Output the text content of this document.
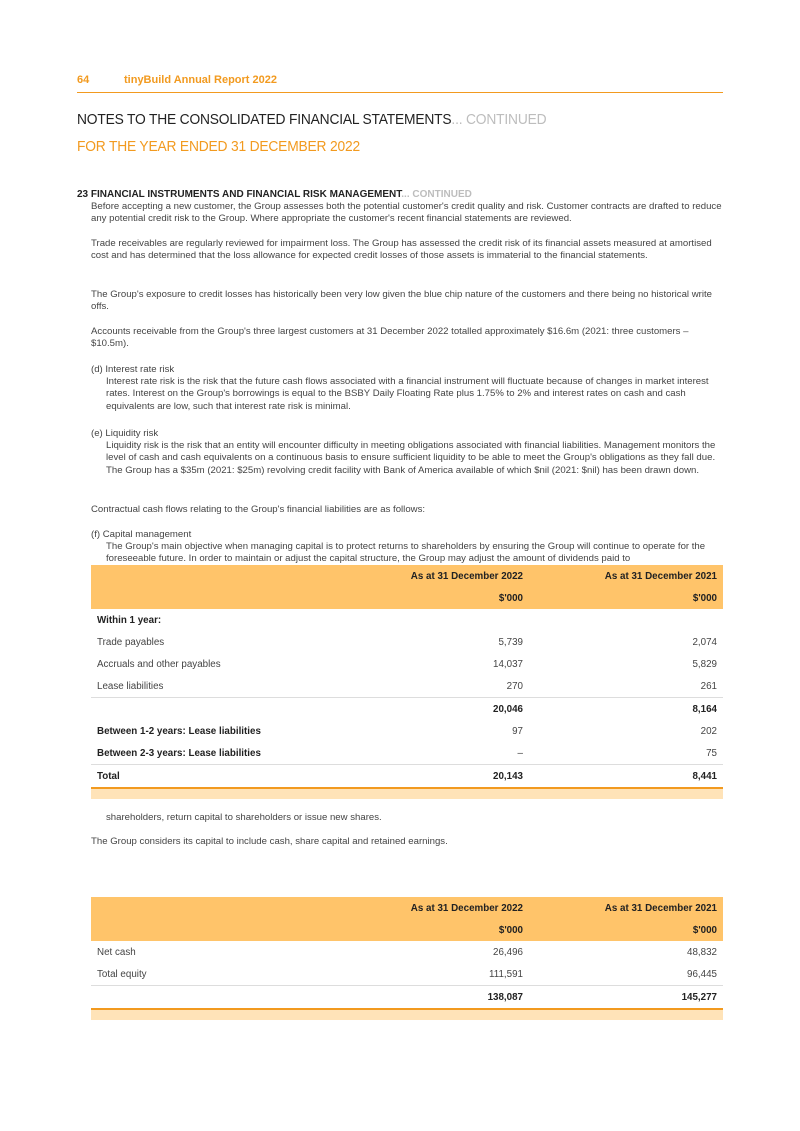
64	tinyBuild Annual Report 2022
NOTES TO THE CONSOLIDATED FINANCIAL STATEMENTS... CONTINUED
FOR THE YEAR ENDED 31 DECEMBER 2022
23 FINANCIAL INSTRUMENTS AND FINANCIAL RISK MANAGEMENT... CONTINUED
Before accepting a new customer, the Group assesses both the potential customer's credit quality and risk. Customer contracts are drafted to reduce any potential credit risk to the Group. Where appropriate the customer's recent financial statements are reviewed.
Trade receivables are regularly reviewed for impairment loss. The Group has assessed the credit risk of its financial assets measured at amortised cost and has determined that the loss allowance for expected credit losses of those assets is immaterial to the financial statements.
The Group's exposure to credit losses has historically been very low given the blue chip nature of the customers and there being no historical write offs.
Accounts receivable from the Group's three largest customers at 31 December 2022 totalled approximately $16.6m (2021: three customers – $10.5m).
(d) Interest rate risk
Interest rate risk is the risk that the future cash flows associated with a financial instrument will fluctuate because of changes in market interest rates. Interest on the Group's borrowings is equal to the BSBY Daily Floating Rate plus 1.75% to 2% and interest rates on cash and cash equivalents are low, such that interest rate risk is minimal.
(e) Liquidity risk
Liquidity risk is the risk that an entity will encounter difficulty in meeting obligations associated with financial liabilities. Management monitors the level of cash and cash equivalents on a continuous basis to ensure sufficient liquidity to be able to meet the Group's obligations as they fall due. The Group has a $35m (2021: $25m) revolving credit facility with Bank of America available of which $nil (2021: $nil) has been drawn down.
Contractual cash flows relating to the Group's financial liabilities are as follows:
(f) Capital management
The Group's main objective when managing capital is to protect returns to shareholders by ensuring the Group will continue to operate for the foreseeable future. In order to maintain or adjust the capital structure, the Group may adjust the amount of dividends paid to
As at 31 December 2022	As at 31 December 2021
$'000	$'000
Within 1 year:
Trade payables	5,739	2,074
Accruals and other payables	14,037	5,829
Lease liabilities	270	261
20,046	8,164
Between 1-2 years: Lease liabilities	97	202
Between 2-3 years: Lease liabilities	–	75
Total	20,143	8,441
shareholders, return capital to shareholders or issue new shares.
The Group considers its capital to include cash, share capital and retained earnings.
As at 31 December 2022	As at 31 December 2021
$'000	$'000
Net cash	26,496	48,832
Total equity	111,591	96,445
138,087	145,277
